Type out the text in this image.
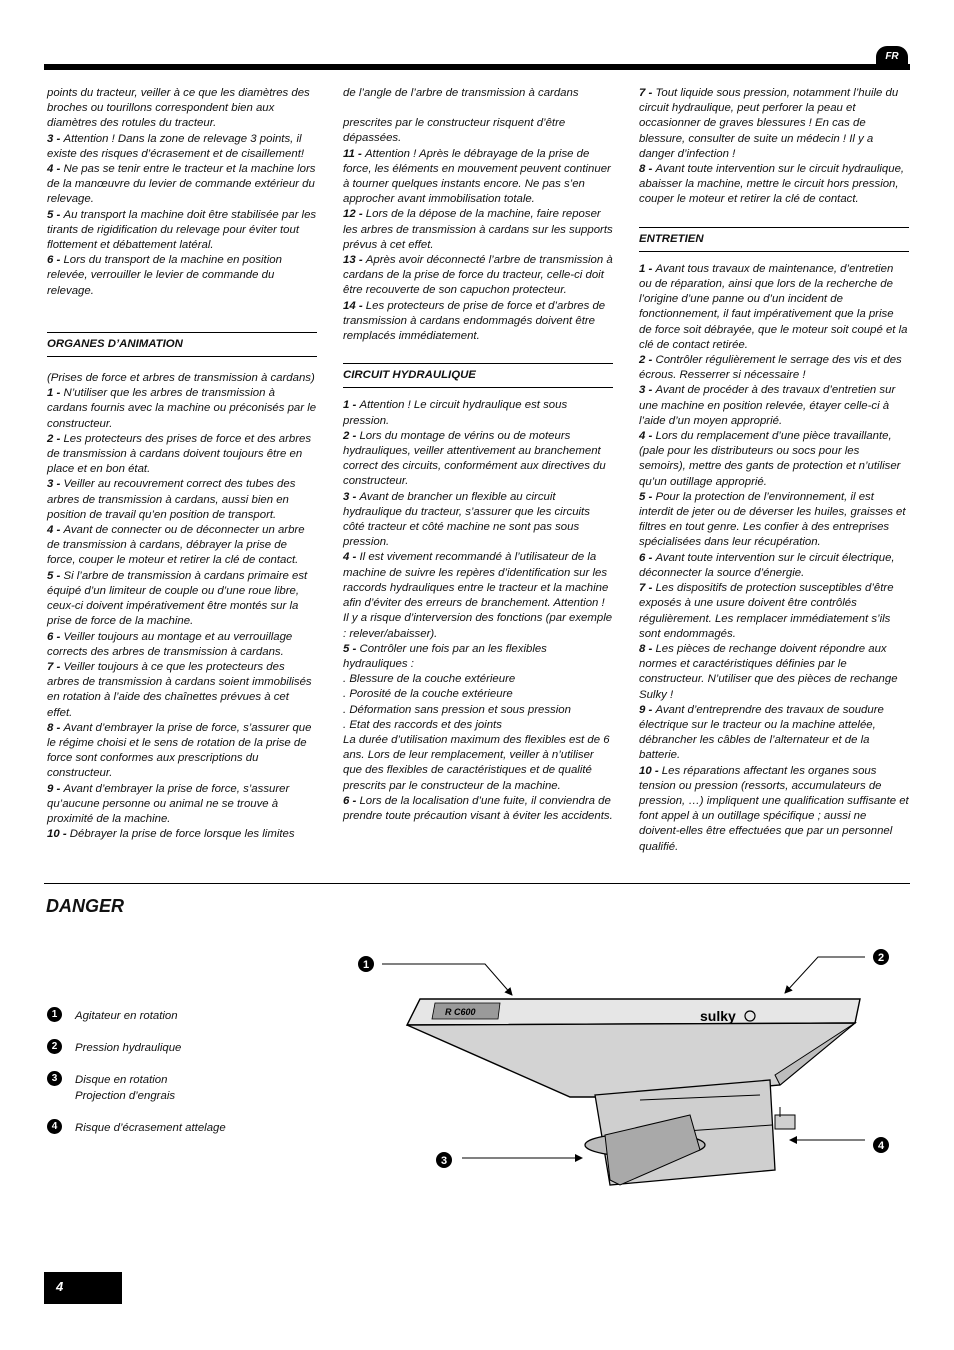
FR

points du tracteur, veiller à ce que les diamètres des broches ou tourillons correspondent bien aux diamètres des rotules du tracteur.

3 - Attention ! Dans la zone de relevage 3 points, il existe des risques d’écrasement et de cisaillement!

4 - Ne pas se tenir entre le tracteur et la machine lors de la manœuvre du levier de commande extérieur du relevage.

5 - Au transport la machine doit être stabilisée par les tirants de rigidification du relevage pour éviter tout flottement et débattement latéral.

6 - Lors du transport de la machine en position relevée, verrouiller le levier de commande du relevage.

ORGANES D’ANIMATION

(Prises de force et arbres de transmission à cardans)

1 - N’utiliser que les arbres de transmission à cardans fournis avec la machine ou préconisés par le constructeur.

2 - Les protecteurs des prises de force et des arbres de transmission à cardans doivent toujours être en place et en bon état.

3 - Veiller au recouvrement correct des tubes des arbres de transmission à cardans, aussi bien en position de travail qu’en position de transport.

4 - Avant de connecter ou de déconnecter un arbre de transmission à cardans, débrayer la prise de force, couper le moteur et retirer la clé de contact.

5 - Si l’arbre de transmission à cardans primaire est équipé d’un limiteur de couple ou d’une roue libre, ceux-ci doivent impérativement être montés sur la prise de force de la machine.

6 - Veiller toujours au montage et au verrouillage corrects des arbres de transmission à cardans.

7 - Veiller toujours à ce que les protecteurs des arbres de transmission à cardans soient immobilisés en rotation à l’aide des chaînettes prévues à cet effet.

8 - Avant d’embrayer la prise de force, s’assurer que le régime choisi et le sens de rotation de la prise de force sont conformes aux prescriptions du constructeur.

9 - Avant d’embrayer la prise de force, s’assurer qu’aucune personne ou animal ne se trouve à proximité de la machine.

10 - Débrayer la prise de force lorsque les limites

de l’angle de l’arbre de transmission à cardans

prescrites par le constructeur risquent d’être dépassées.

11 - Attention ! Après le débrayage de la prise de force, les éléments en mouvement peuvent continuer à tourner quelques instants encore. Ne pas s’en approcher avant immobilisation totale.

12 - Lors de la dépose de la machine, faire reposer les arbres de transmission à cardans sur les supports prévus à cet effet.

13 - Après avoir déconnecté l’arbre de transmission à cardans de la prise de force du tracteur, celle-ci doit être recouverte de son capuchon protecteur.

14 - Les protecteurs de prise de force et d’arbres de transmission à cardans endommagés doivent être remplacés immédiatement.

CIRCUIT HYDRAULIQUE

1 - Attention ! Le circuit hydraulique est sous pression.

2 - Lors du montage de vérins ou de moteurs hydrauliques, veiller attentivement au branchement correct des circuits, conformément aux directives du constructeur.

3 - Avant de brancher un flexible au circuit hydraulique du tracteur, s’assurer que les circuits côté tracteur et côté machine ne sont pas sous pression.

4 - Il est vivement recommandé à l’utilisateur de la machine de suivre les repères d’identification sur les raccords hydrauliques entre le tracteur et la machine afin d’éviter des erreurs de branchement. Attention ! Il y a risque d’interversion des fonctions (par exemple : relever/abaisser).

5 - Contrôler une fois par an les flexibles hydrauliques :

. Blessure de la couche extérieure

. Porosité de la couche extérieure

. Déformation sans pression et sous pression

. Etat des raccords et des joints

La durée d’utilisation maximum des flexibles est de 6 ans. Lors de leur remplacement, veiller à n’utiliser que des flexibles de caractéristiques et de qualité prescrits par le constructeur de la machine.

6 - Lors de la localisation d’une fuite, il conviendra de prendre toute précaution visant à éviter les accidents.

7 - Tout liquide sous pression, notamment l’huile du circuit hydraulique, peut perforer la peau et occasionner de graves blessures ! En cas de blessure, consulter de suite un médecin ! Il y a danger d’infection !

8 - Avant toute intervention sur le circuit hydraulique, abaisser la machine, mettre le circuit hors pression, couper le moteur et retirer la clé de contact.

ENTRETIEN

1 - Avant tous travaux de maintenance, d’entretien ou de réparation, ainsi que lors de la recherche de l’origine d’une panne ou d’un incident de fonctionnement, il faut impérativement que la prise de force soit débrayée, que le moteur soit coupé et la clé de contact retirée.

2 - Contrôler régulièrement le serrage des vis et des écrous. Resserrer si nécessaire !

3 - Avant de procéder à des travaux d’entretien sur une machine en position relevée, étayer celle-ci à l’aide d’un moyen approprié.

4 - Lors du remplacement d’une pièce travaillante, (pale pour les distributeurs ou socs pour les semoirs), mettre des gants de protection et n’utiliser qu’un outillage approprié.

5 - Pour la protection de l’environnement, il est interdit de jeter ou de déverser les huiles, graisses et filtres en tout genre. Les confier à des entreprises spécialisées dans leur récupération.

6 - Avant toute intervention sur le circuit électrique, déconnecter la source d’énergie.

7 - Les dispositifs de protection susceptibles d’être exposés à une usure doivent être contrôlés régulièrement. Les remplacer immédiatement s’ils sont endommagés.

8 - Les pièces de rechange doivent répondre aux normes et caractéristiques définies par le constructeur. N’utiliser que des pièces de rechange Sulky !

9 - Avant d’entreprendre des travaux de soudure électrique sur le tracteur ou la machine attelée, débrancher les câbles de l’alternateur et de la batterie.

10 - Les réparations affectant les organes sous tension ou pression (ressorts, accumulateurs de pression, …) impliquent une qualification suffisante et font appel à un outillage spécifique ; aussi ne doivent-elles être effectuées que par un personnel qualifié.

DANGER
1	Agitateur en rotation
2	Pression hydraulique
3	Disque en rotation
Projection d’engrais
4	Risque d’écrasement attelage
R C600	sulky
1
2
3
4
4
